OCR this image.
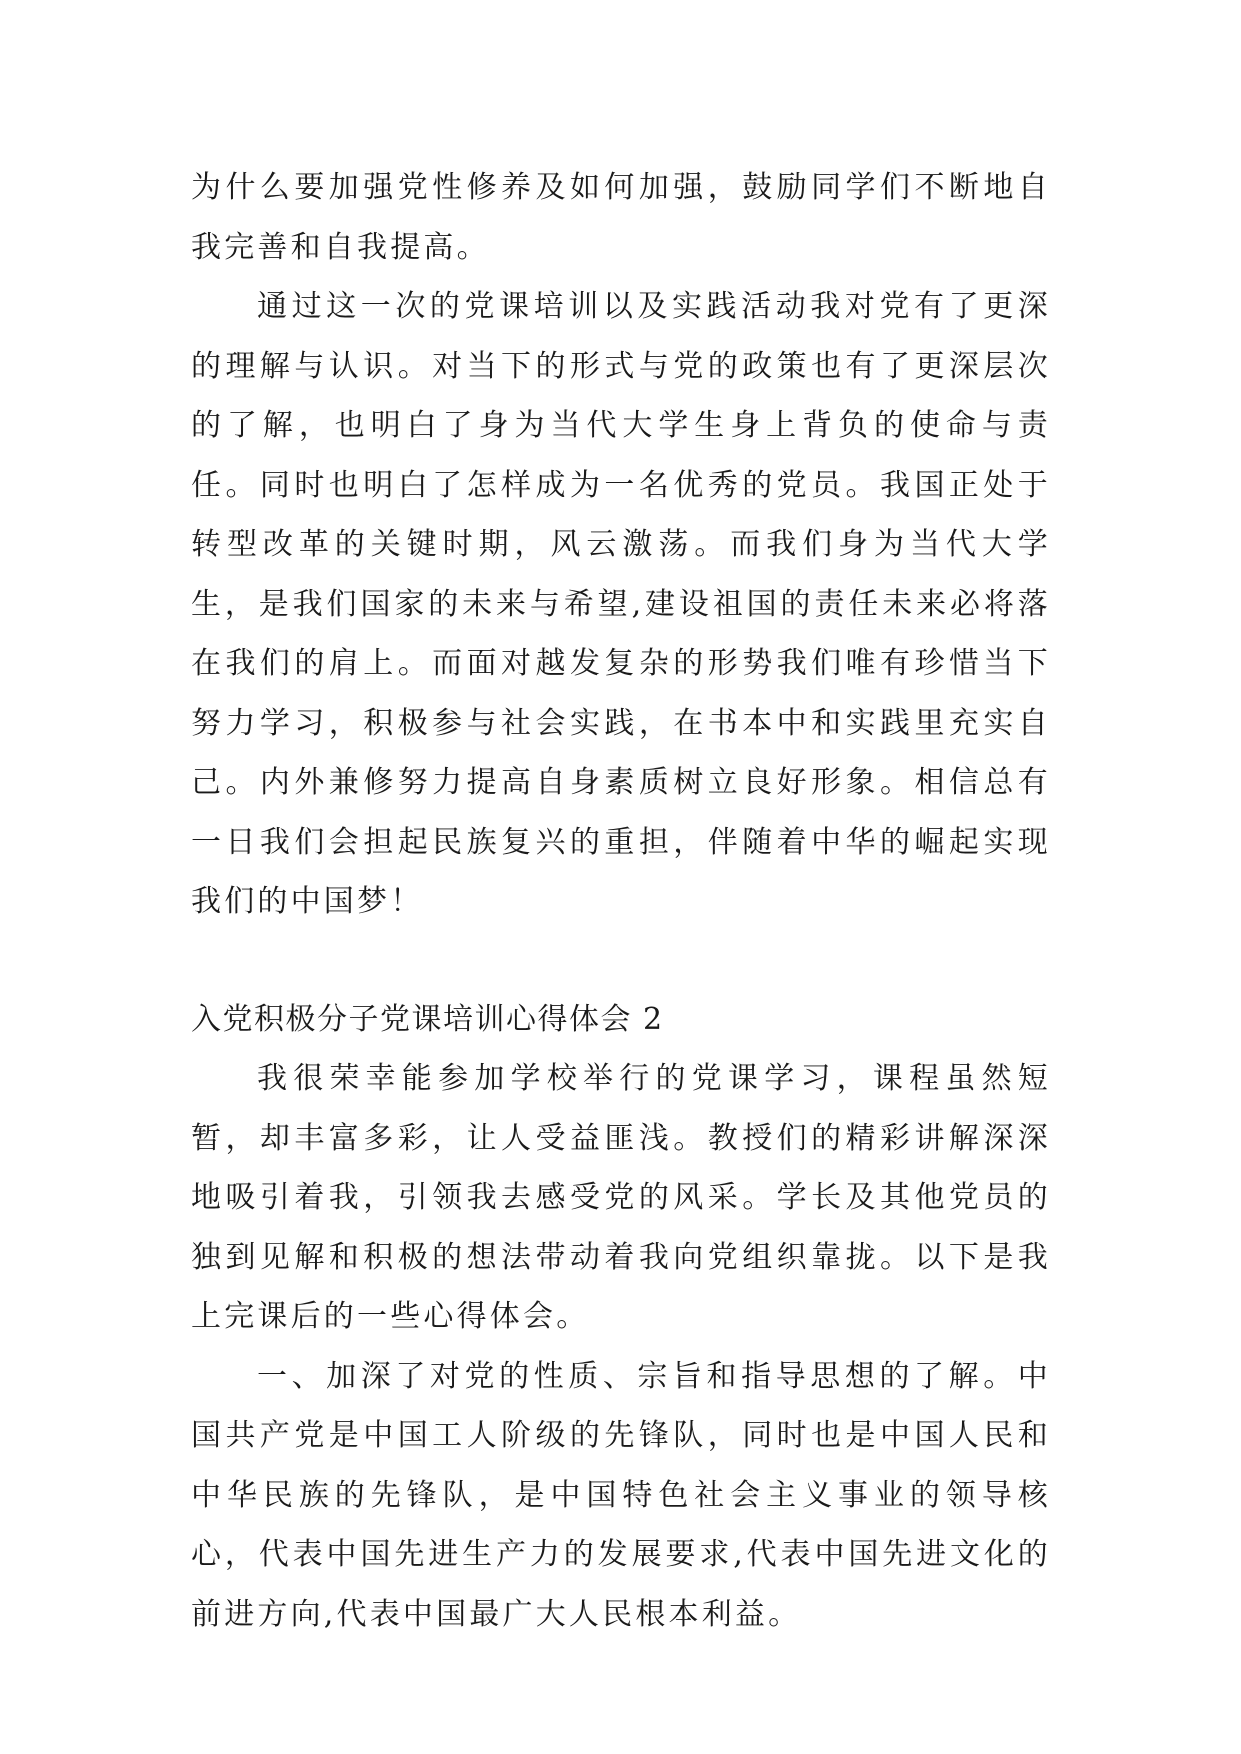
为什么要加强党性修养及如何加强，鼓励同学们不断地自我完善和自我提高。

通过这一次的党课培训以及实践活动我对党有了更深的理解与认识。对当下的形式与党的政策也有了更深层次的了解，也明白了身为当代大学生身上背负的使命与责任。同时也明白了怎样成为一名优秀的党员。我国正处于转型改革的关键时期，风云激荡。而我们身为当代大学生，是我们国家的未来与希望,建设祖国的责任未来必将落在我们的肩上。而面对越发复杂的形势我们唯有珍惜当下努力学习，积极参与社会实践，在书本中和实践里充实自己。内外兼修努力提高自身素质树立良好形象。相信总有一日我们会担起民族复兴的重担，伴随着中华的崛起实现我们的中国梦！

入党积极分子党课培训心得体会 2

我很荣幸能参加学校举行的党课学习，课程虽然短暂，却丰富多彩，让人受益匪浅。教授们的精彩讲解深深地吸引着我，引领我去感受党的风采。学长及其他党员的独到见解和积极的想法带动着我向党组织靠拢。以下是我上完课后的一些心得体会。

一、加深了对党的性质、宗旨和指导思想的了解。中国共产党是中国工人阶级的先锋队，同时也是中国人民和中华民族的先锋队，是中国特色社会主义事业的领导核心，代表中国先进生产力的发展要求,代表中国先进文化的前进方向,代表中国最广大人民根本利益。
